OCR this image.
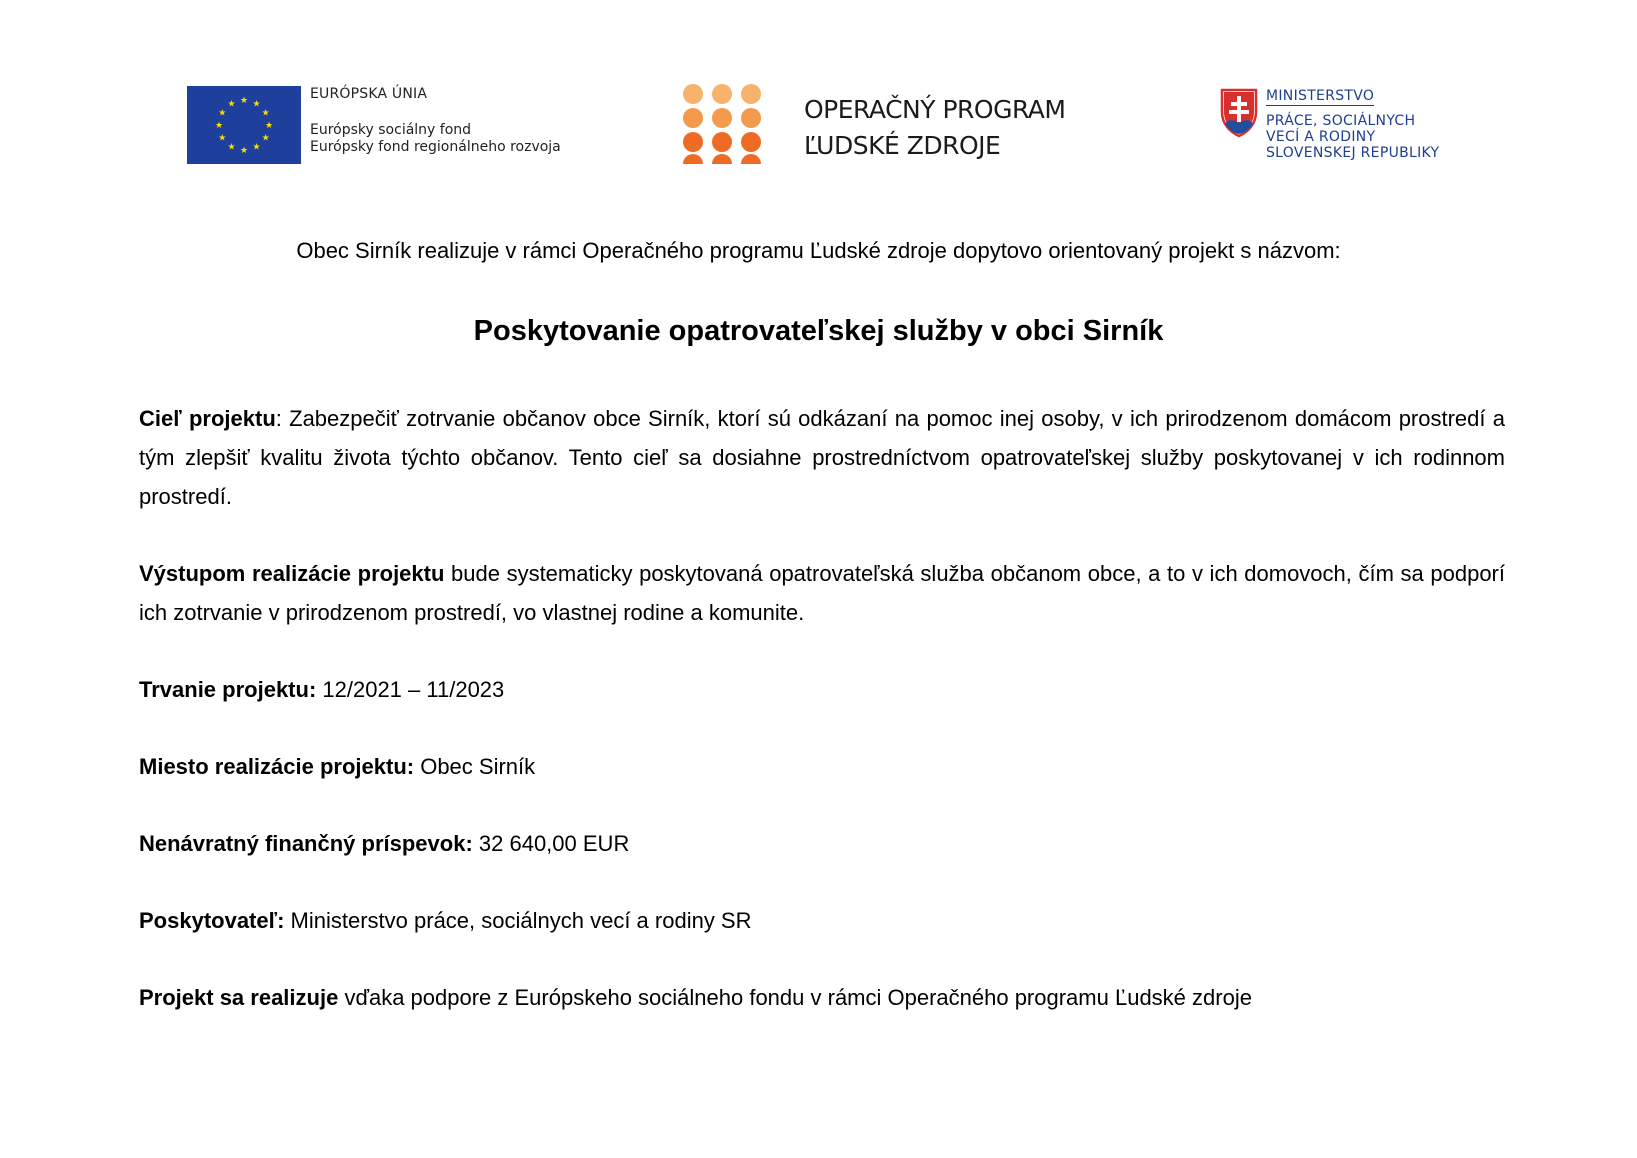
★ ★
★
★
★
★
★
★
★
★
★
★
EURÓPSKA ÚNIA
Európsky sociálny fond
Európsky fond regionálneho rozvoja
OPERAČNÝ PROGRAM
ĽUDSKÉ ZDROJE
MINISTERSTVO
PRÁCE, SOCIÁLNYCH
VECÍ A RODINY
SLOVENSKEJ REPUBLIKY
Obec Sirník realizuje v rámci Operačného programu Ľudské zdroje dopytovo orientovaný projekt s názvom:
Poskytovanie opatrovateľskej služby v obci Sirník

Cieľ projektu: Zabezpečiť zotrvanie občanov obce Sirník, ktorí sú odkázaní na pomoc inej osoby, v ich prirodzenom domácom prostredí a tým zlepšiť kvalitu života týchto občanov. Tento cieľ sa dosiahne prostredníctvom opatrovateľskej služby poskytovanej v ich rodinnom prostredí.

Výstupom realizácie projektu bude systematicky poskytovaná opatrovateľská služba občanom obce, a to v ich domovoch, čím sa podporí ich zotrvanie v prirodzenom prostredí, vo vlastnej rodine a komunite.

Trvanie projektu: 12/2021 – 11/2023

Miesto realizácie projektu: Obec Sirník

Nenávratný finančný príspevok: 32 640,00 EUR

Poskytovateľ: Ministerstvo práce, sociálnych vecí a rodiny SR

Projekt sa realizuje vďaka podpore z Európskeho sociálneho fondu v rámci Operačného programu Ľudské zdroje
